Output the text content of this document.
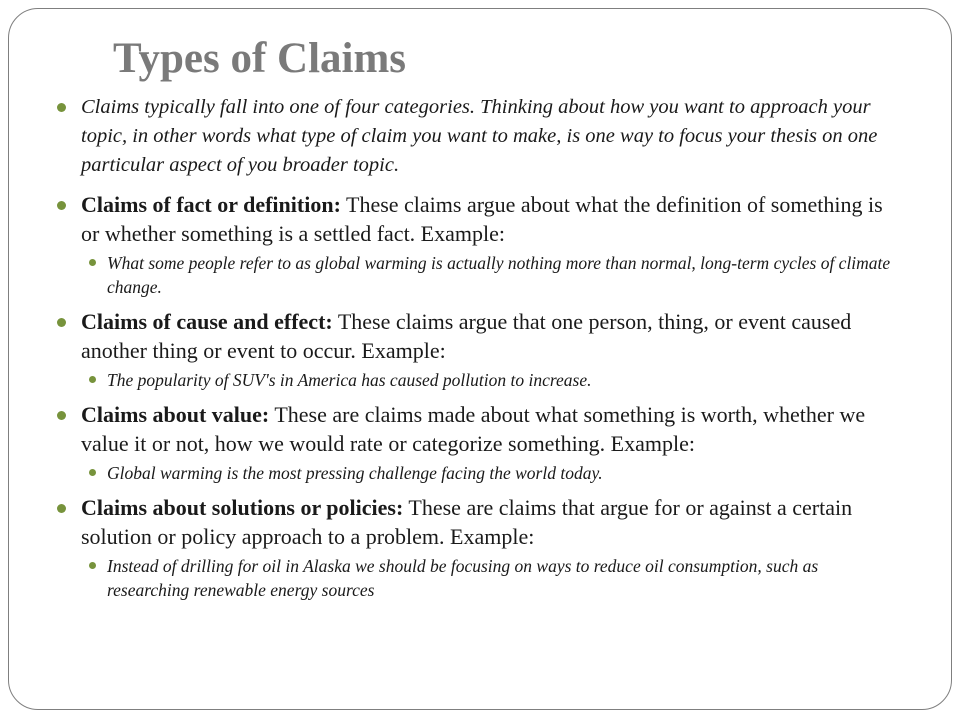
Types of Claims
Claims typically fall into one of four categories. Thinking about how you want to approach your topic, in other words what type of claim you want to make, is one way to focus your thesis on one particular aspect of you broader topic.
Claims of fact or definition: These claims argue about what the definition of something is or whether something is a settled fact. Example:
What some people refer to as global warming is actually nothing more than normal, long-term cycles of climate change.
Claims of cause and effect: These claims argue that one person, thing, or event caused another thing or event to occur. Example:
The popularity of SUV's in America has caused pollution to increase.
Claims about value: These are claims made about what something is worth, whether we value it or not, how we would rate or categorize something. Example:
Global warming is the most pressing challenge facing the world today.
Claims about solutions or policies: These are claims that argue for or against a certain solution or policy approach to a problem. Example:
Instead of drilling for oil in Alaska we should be focusing on ways to reduce oil consumption, such as researching renewable energy sources
